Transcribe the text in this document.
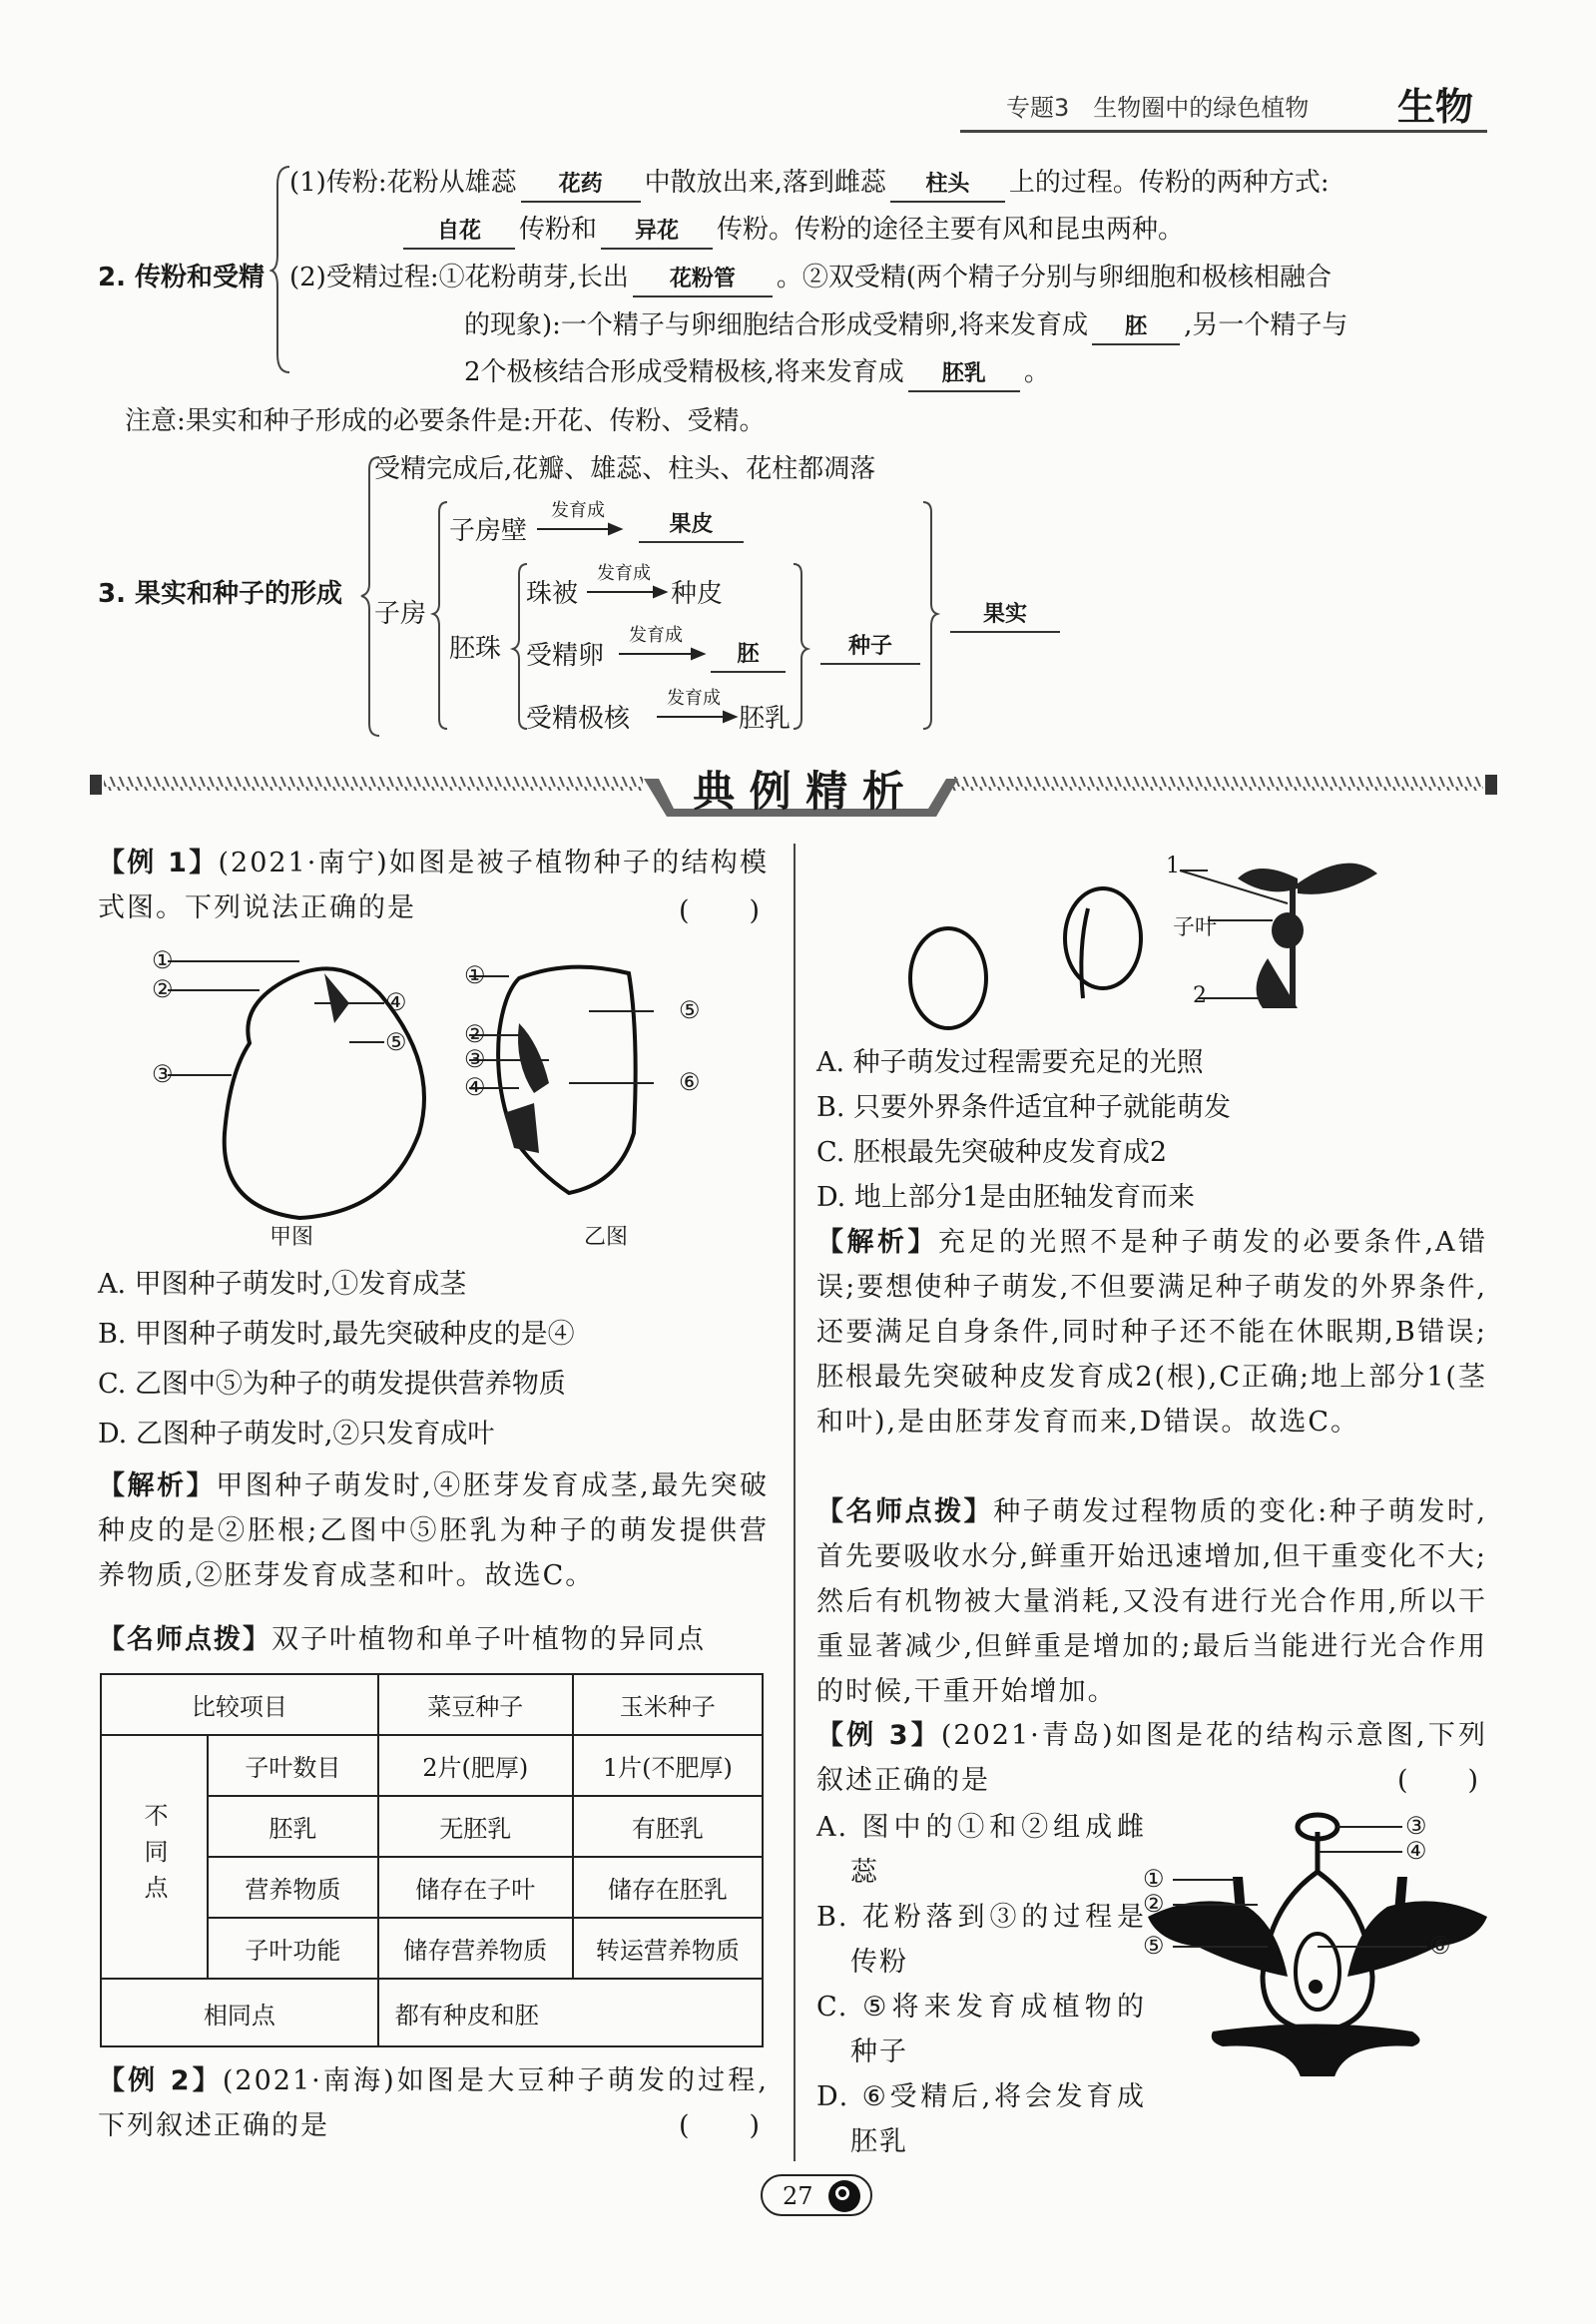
专题3　生物圈中的绿色植物 生物
2. 传粉和受精
(1)传粉:花粉从雄蕊 花药 中散放出来,落到雌蕊 柱头 上的过程。传粉的两种方式:
自花 传粉和 异花 传粉。传粉的途径主要有风和昆虫两种。
(2)受精过程:①花粉萌芽,长出 花粉管 。②双受精(两个精子分别与卵细胞和极核相融合
的现象):一个精子与卵细胞结合形成受精卵,将来发育成 胚 ,另一个精子与
2个极核结合形成受精极核,将来发育成 胚乳 。
注意:果实和种子形成的必要条件是:开花、传粉、受精。
3. 果实和种子的形成
受精完成后,花瓣、雄蕊、柱头、花柱都凋落
子房
子房壁
发育成
果皮
胚珠
珠被
发育成
种皮
受精卵
发育成
胚
受精极核
发育成
胚乳
种子
果实
典 例 精 析
【例 1】(2021·南宁)如图是被子植物种子的结构模式图。下列说法正确的是	(　　)
①
②
③
④
⑤
①
②
③
④
⑤
⑥
甲图	乙图
A. 甲图种子萌发时,①发育成茎
B. 甲图种子萌发时,最先突破种皮的是④
C. 乙图中⑤为种子的萌发提供营养物质
D. 乙图种子萌发时,②只发育成叶
【解析】甲图种子萌发时,④胚芽发育成茎,最先突破种皮的是②胚根;乙图中⑤胚乳为种子的萌发提供营养物质,②胚芽发育成茎和叶。故选C。
【名师点拨】双子叶植物和单子叶植物的异同点
比较项目		菜豆种子	玉米种子
不同点	子叶数目	2片(肥厚)	1片(不肥厚)
	胚乳	无胚乳	有胚乳
	营养物质	储存在子叶	储存在胚乳
	子叶功能	储存营养物质	转运营养物质
相同点		都有种皮和胚	
【例 2】(2021·南海)如图是大豆种子萌发的过程,下列叙述正确的是	(　　)
1
子叶
2
A. 种子萌发过程需要充足的光照
B. 只要外界条件适宜种子就能萌发
C. 胚根最先突破种皮发育成2
D. 地上部分1是由胚轴发育而来
【解析】充足的光照不是种子萌发的必要条件,A错误;要想使种子萌发,不但要满足种子萌发的外界条件,还要满足自身条件,同时种子还不能在休眠期,B错误;胚根最先突破种皮发育成2(根),C正确;地上部分1(茎和叶),是由胚芽发育而来,D错误。故选C。
【名师点拨】种子萌发过程物质的变化:种子萌发时,首先要吸收水分,鲜重开始迅速增加,但干重变化不大;然后有机物被大量消耗,又没有进行光合作用,所以干重显著减少,但鲜重是增加的;最后当能进行光合作用的时候,干重开始增加。
【例 3】(2021·青岛)如图是花的结构示意图,下列叙述正确的是	(　　)
A. 图中的①和②组成雌蕊
B. 花粉落到③的过程是传粉
C. ⑤将来发育成植物的种子
D. ⑥受精后,将会发育成胚乳
③
④
①
②
⑤	⑥
27
